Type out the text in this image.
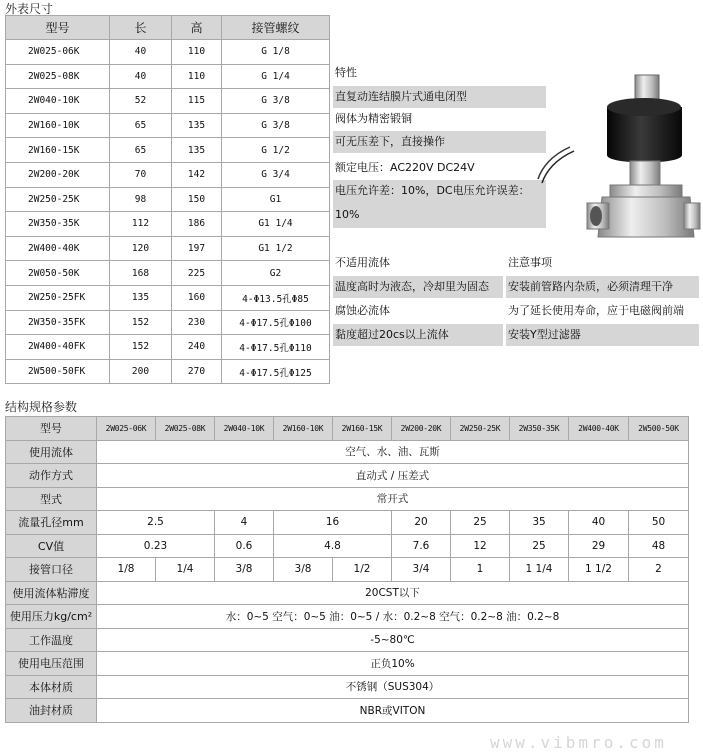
外表尺寸
型号	长	高	接管螺纹
2W025-06K	40	110	G 1/8
2W025-08K	40	110	G 1/4
2W040-10K	52	115	G 3/8
2W160-10K	65	135	G 3/8
2W160-15K	65	135	G 1/2
2W200-20K	70	142	G 3/4
2W250-25K	98	150	G1
2W350-35K	112	186	G1 1/4
2W400-40K	120	197	G1 1/2
2W050-50K	168	225	G2
2W250-25FK	135	160	4-Φ13.5孔Φ85
2W350-35FK	152	230	4-Φ17.5孔Φ100
2W400-40FK	152	240	4-Φ17.5孔Φ110
2W500-50FK	200	270	4-Φ17.5孔Φ125
特性
直复动连结膜片式通电闭型
阀体为精密锻铜
可无压差下，直接操作
额定电压：AC220V DC24V
电压允许差：10%，DC电压允许误差：
10%
不适用流体
温度高时为液态，冷却里为固态
腐蚀必流体
黏度超过20cs以上流体
注意事项
安装前管路内杂质，必须清理干净
为了延长使用寿命，应于电磁阀前端
安装Y型过滤器
结构规格参数
型号	2W025-06K	2W025-08K	2W040-10K	2W160-10K	2W160-15K	2W200-20K	2W250-25K	2W350-35K	2W400-40K	2W500-50K
使用流体	空气、水、油、瓦斯									
动作方式	直动式 / 压差式									
型式	常开式									
流量孔径mm	2.5		4	16		20	25	35	40	50
CV值	0.23		0.6	4.8		7.6	12	25	29	48
接管口径	1/8	1/4	3/8	3/8	1/2	3/4	1	1 1/4	1 1/2	2
使用流体粘滞度	20CST以下									
使用压力kg/cm²	水：0~5 空气：0~5 油：0~5 / 水：0.2~8 空气：0.2~8 油：0.2~8									
工作温度	-5~80℃									
使用电压范围	正负10%									
本体材质	不锈钢（SUS304）									
油封材质	NBR或VITON									
www.vibmro.com
